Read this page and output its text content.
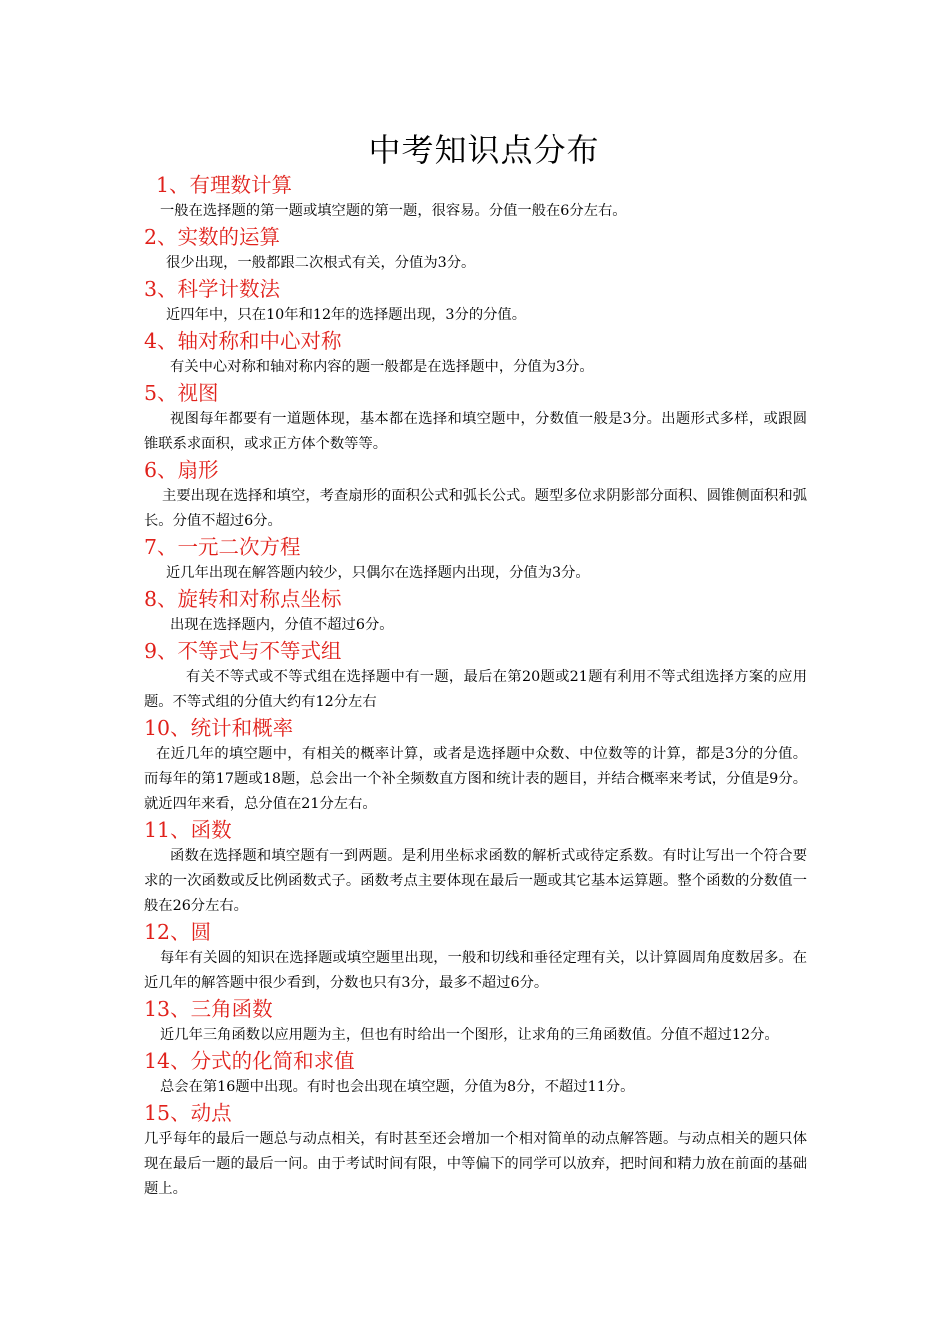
中考知识点分布
1、有理数计算
一般在选择题的第一题或填空题的第一题，很容易。分值一般在6分左右。
2、实数的运算
很少出现，一般都跟二次根式有关，分值为3分。
3、科学计数法
近四年中，只在10年和12年的选择题出现，3分的分值。
4、轴对称和中心对称
有关中心对称和轴对称内容的题一般都是在选择题中，分值为3分。
5、视图
视图每年都要有一道题体现，基本都在选择和填空题中，分数值一般是3分。出题形式多样，或跟圆锥联系求面积，或求正方体个数等等。
6、扇形
主要出现在选择和填空，考查扇形的面积公式和弧长公式。题型多位求阴影部分面积、圆锥侧面积和弧长。分值不超过6分。
7、一元二次方程
近几年出现在解答题内较少，只偶尔在选择题内出现，分值为3分。
8、旋转和对称点坐标
出现在选择题内，分值不超过6分。
9、不等式与不等式组
有关不等式或不等式组在选择题中有一题，最后在第20题或21题有利用不等式组选择方案的应用题。不等式组的分值大约有12分左右
10、统计和概率
在近几年的填空题中，有相关的概率计算，或者是选择题中众数、中位数等的计算，都是3分的分值。而每年的第17题或18题，总会出一个补全频数直方图和统计表的题目，并结合概率来考试，分值是9分。就近四年来看，总分值在21分左右。
11、函数
函数在选择题和填空题有一到两题。是利用坐标求函数的解析式或待定系数。有时让写出一个符合要求的一次函数或反比例函数式子。函数考点主要体现在最后一题或其它基本运算题。整个函数的分数值一般在26分左右。
12、圆
每年有关圆的知识在选择题或填空题里出现，一般和切线和垂径定理有关，以计算圆周角度数居多。在近几年的解答题中很少看到，分数也只有3分，最多不超过6分。
13、三角函数
近几年三角函数以应用题为主，但也有时给出一个图形，让求角的三角函数值。分值不超过12分。
14、分式的化简和求值
总会在第16题中出现。有时也会出现在填空题，分值为8分，不超过11分。
15、动点
几乎每年的最后一题总与动点相关，有时甚至还会增加一个相对简单的动点解答题。与动点相关的题只体现在最后一题的最后一问。由于考试时间有限，中等偏下的同学可以放弃，把时间和精力放在前面的基础题上。
